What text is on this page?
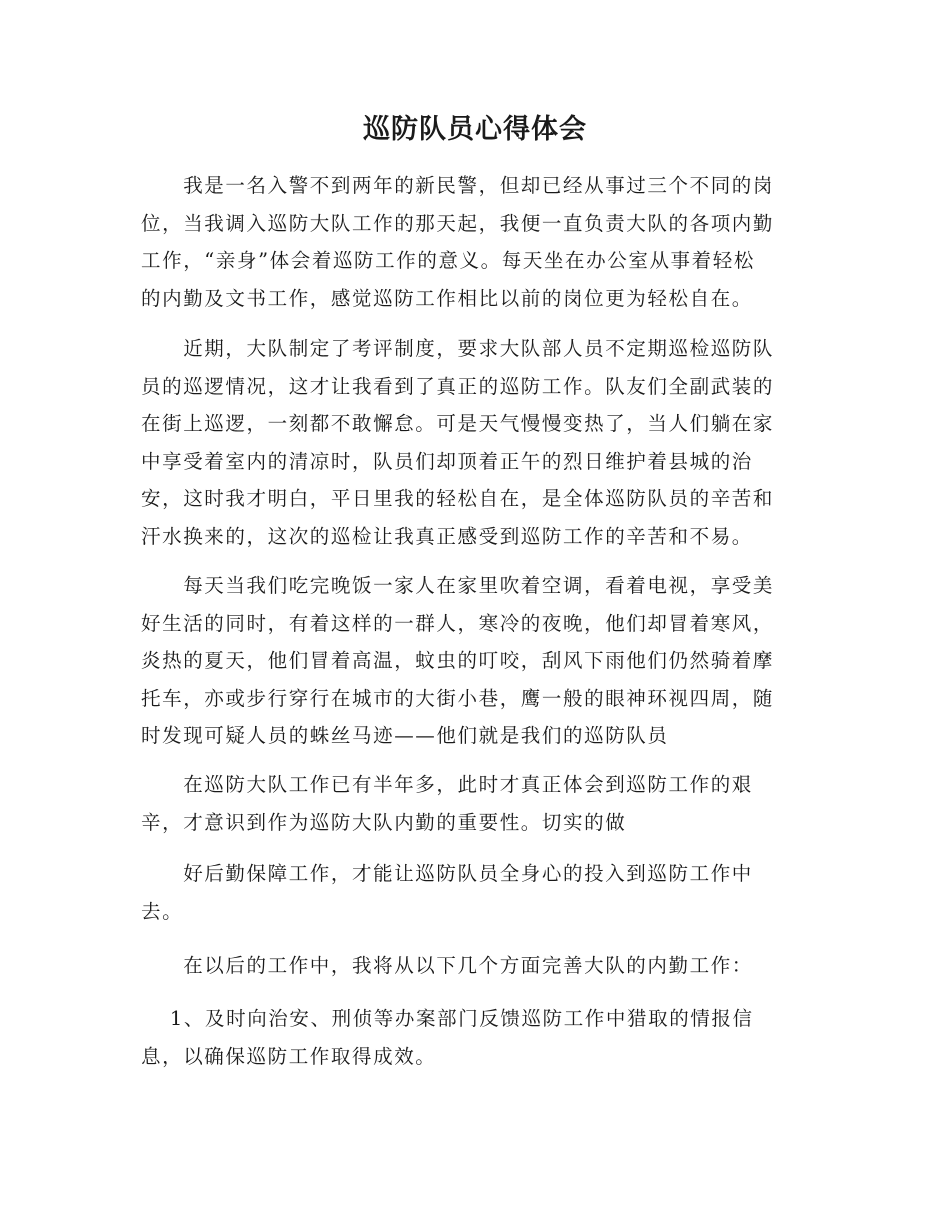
巡防队员心得体会

　　我是一名入警不到两年的新民警，但却已经从事过三个不同的岗
位，当我调入巡防大队工作的那天起，我便一直负责大队的各项内勤
工作，“亲身”体会着巡防工作的意义。每天坐在办公室从事着轻松
的内勤及文书工作，感觉巡防工作相比以前的岗位更为轻松自在。

　　近期，大队制定了考评制度，要求大队部人员不定期巡检巡防队
员的巡逻情况，这才让我看到了真正的巡防工作。队友们全副武装的
在街上巡逻，一刻都不敢懈怠。可是天气慢慢变热了，当人们躺在家
中享受着室内的清凉时，队员们却顶着正午的烈日维护着县城的治
安，这时我才明白，平日里我的轻松自在，是全体巡防队员的辛苦和
汗水换来的，这次的巡检让我真正感受到巡防工作的辛苦和不易。

　　每天当我们吃完晚饭一家人在家里吹着空调，看着电视，享受美
好生活的同时，有着这样的一群人，寒冷的夜晚，他们却冒着寒风，
炎热的夏天，他们冒着高温，蚊虫的叮咬，刮风下雨他们仍然骑着摩
托车，亦或步行穿行在城市的大街小巷，鹰一般的眼神环视四周，随
时发现可疑人员的蛛丝马迹——他们就是我们的巡防队员

　　在巡防大队工作已有半年多，此时才真正体会到巡防工作的艰
辛，才意识到作为巡防大队内勤的重要性。切实的做

　　好后勤保障工作，才能让巡防队员全身心的投入到巡防工作中
去。

　　在以后的工作中，我将从以下几个方面完善大队的内勤工作：

　 1、及时向治安、刑侦等办案部门反馈巡防工作中猎取的情报信
息，以确保巡防工作取得成效。
